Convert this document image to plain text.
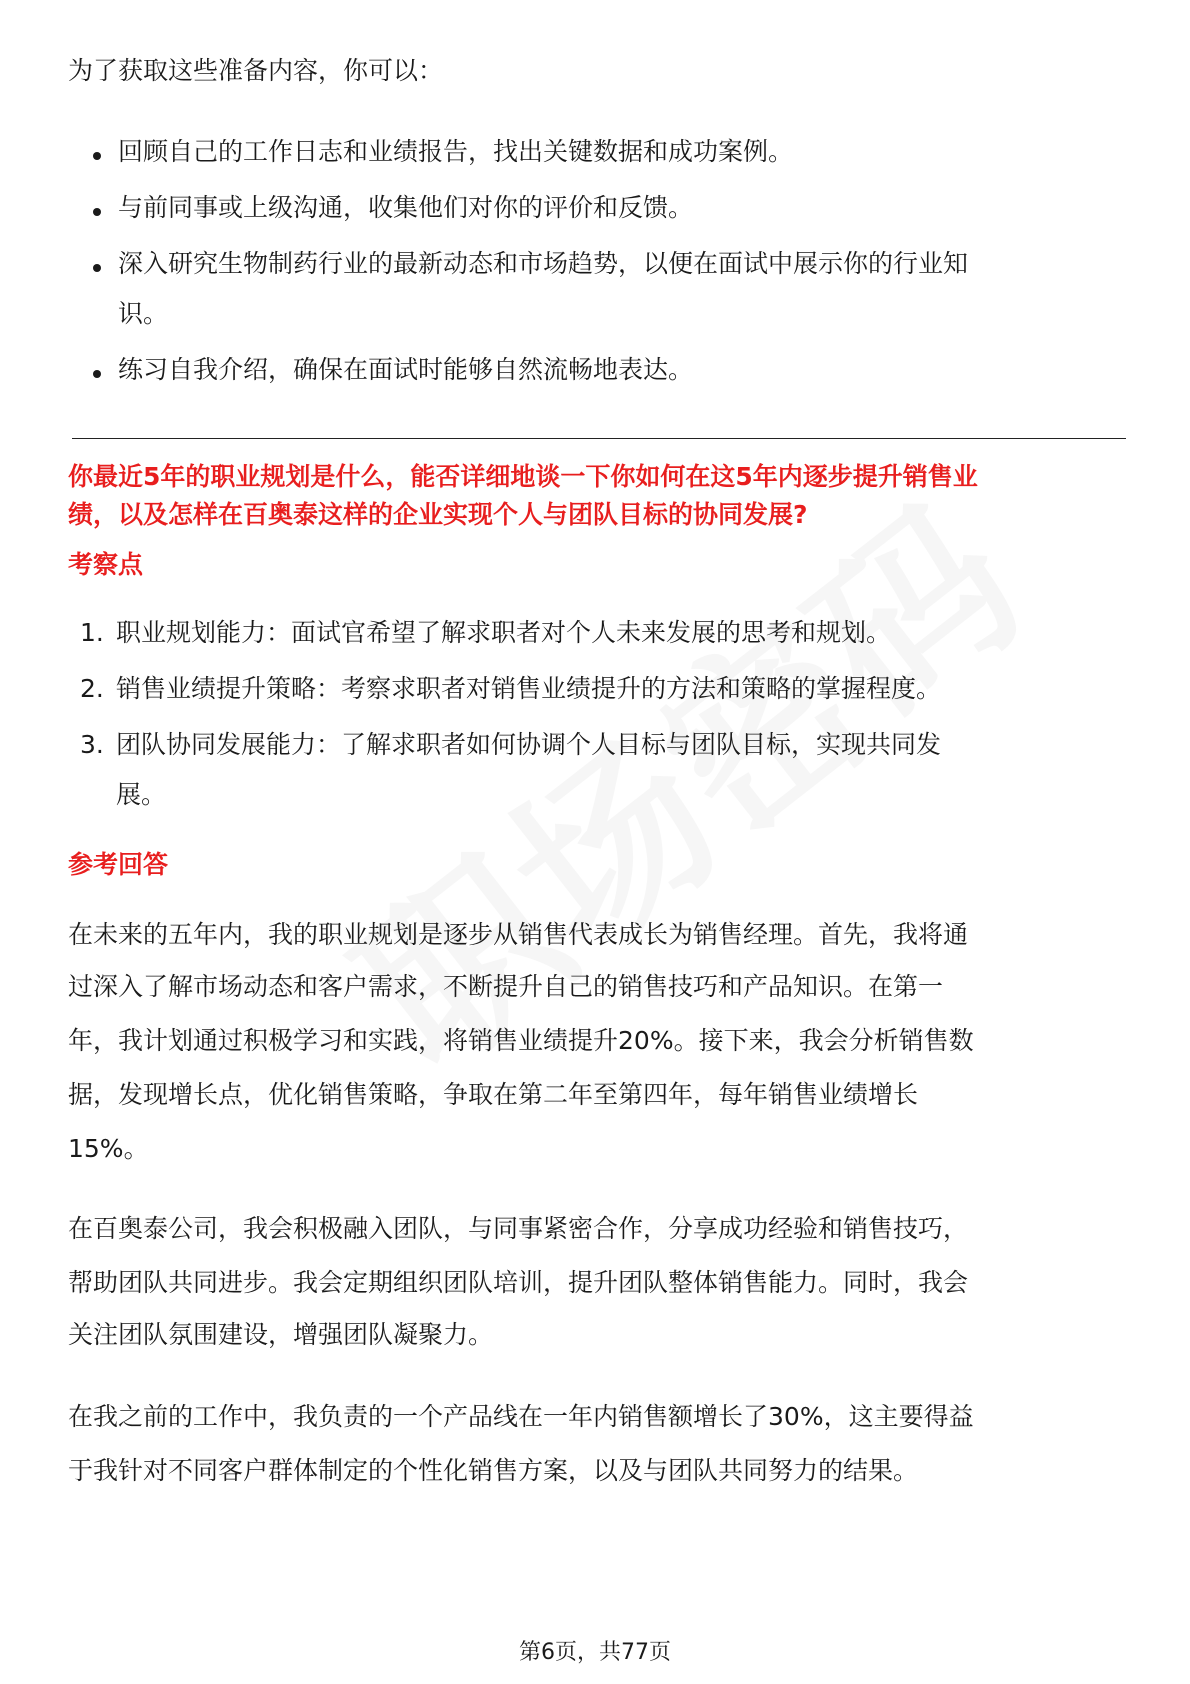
为了获取这些准备内容，你可以：
回顾自己的工作日志和业绩报告，找出关键数据和成功案例。
与前同事或上级沟通，收集他们对你的评价和反馈。
深入研究生物制药行业的最新动态和市场趋势，以便在面试中展示你的行业知
识。
练习自我介绍，确保在面试时能够自然流畅地表达。
你最近5年的职业规划是什么，能否详细地谈一下你如何在这5年内逐步提升销售业
绩，以及怎样在百奥泰这样的企业实现个人与团队目标的协同发展?
考察点
1. 职业规划能力：面试官希望了解求职者对个人未来发展的思考和规划。
2. 销售业绩提升策略：考察求职者对销售业绩提升的方法和策略的掌握程度。
3. 团队协同发展能力：了解求职者如何协调个人目标与团队目标，实现共同发
展。
参考回答
在未来的五年内，我的职业规划是逐步从销售代表成长为销售经理。首先，我将通
过深入了解市场动态和客户需求，不断提升自己的销售技巧和产品知识。在第一
年，我计划通过积极学习和实践，将销售业绩提升20%。接下来，我会分析销售数
据，发现增长点，优化销售策略，争取在第二年至第四年，每年销售业绩增长
15%。
在百奥泰公司，我会积极融入团队，与同事紧密合作，分享成功经验和销售技巧，
帮助团队共同进步。我会定期组织团队培训，提升团队整体销售能力。同时，我会
关注团队氛围建设，增强团队凝聚力。
在我之前的工作中，我负责的一个产品线在一年内销售额增长了30%，这主要得益
于我针对不同客户群体制定的个性化销售方案，以及与团队共同努力的结果。
第6页，共77页
